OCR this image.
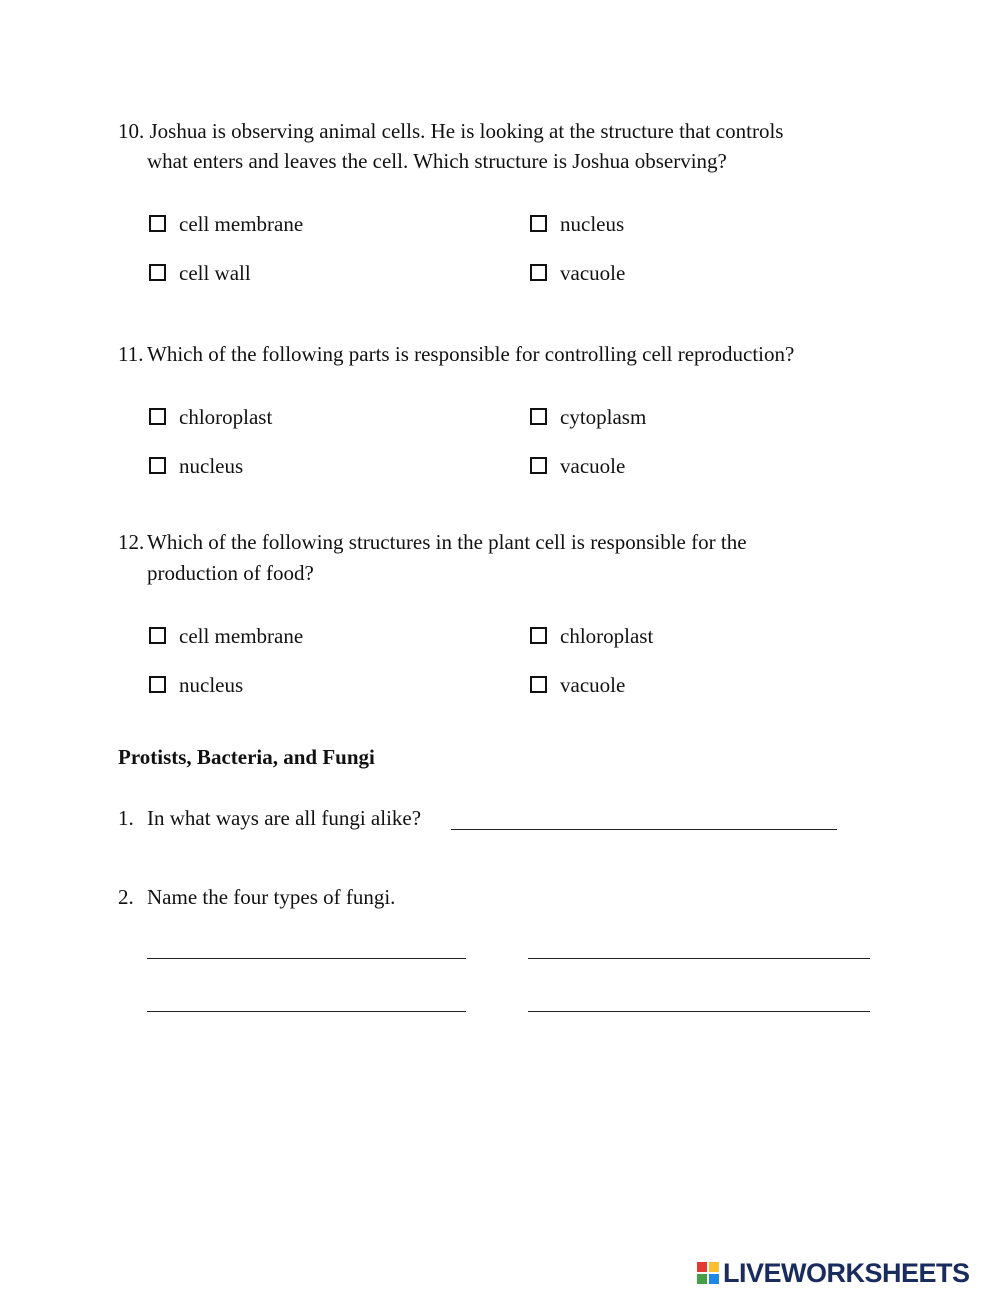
10. Joshua is observing animal cells. He is looking at the structure that controls
what enters and leaves the cell. Which structure is Joshua observing?
cell membrane	nucleus
cell wall	vacuole
11. Which of the following parts is responsible for controlling cell reproduction?
chloroplast	cytoplasm
nucleus	vacuole
12. Which of the following structures in the plant cell is responsible for the
production of food?
cell membrane	chloroplast
nucleus	vacuole
Protists, Bacteria, and Fungi
1. In what ways are all fungi alike?
2. Name the four types of fungi.
LIVEWORKSHEETS
